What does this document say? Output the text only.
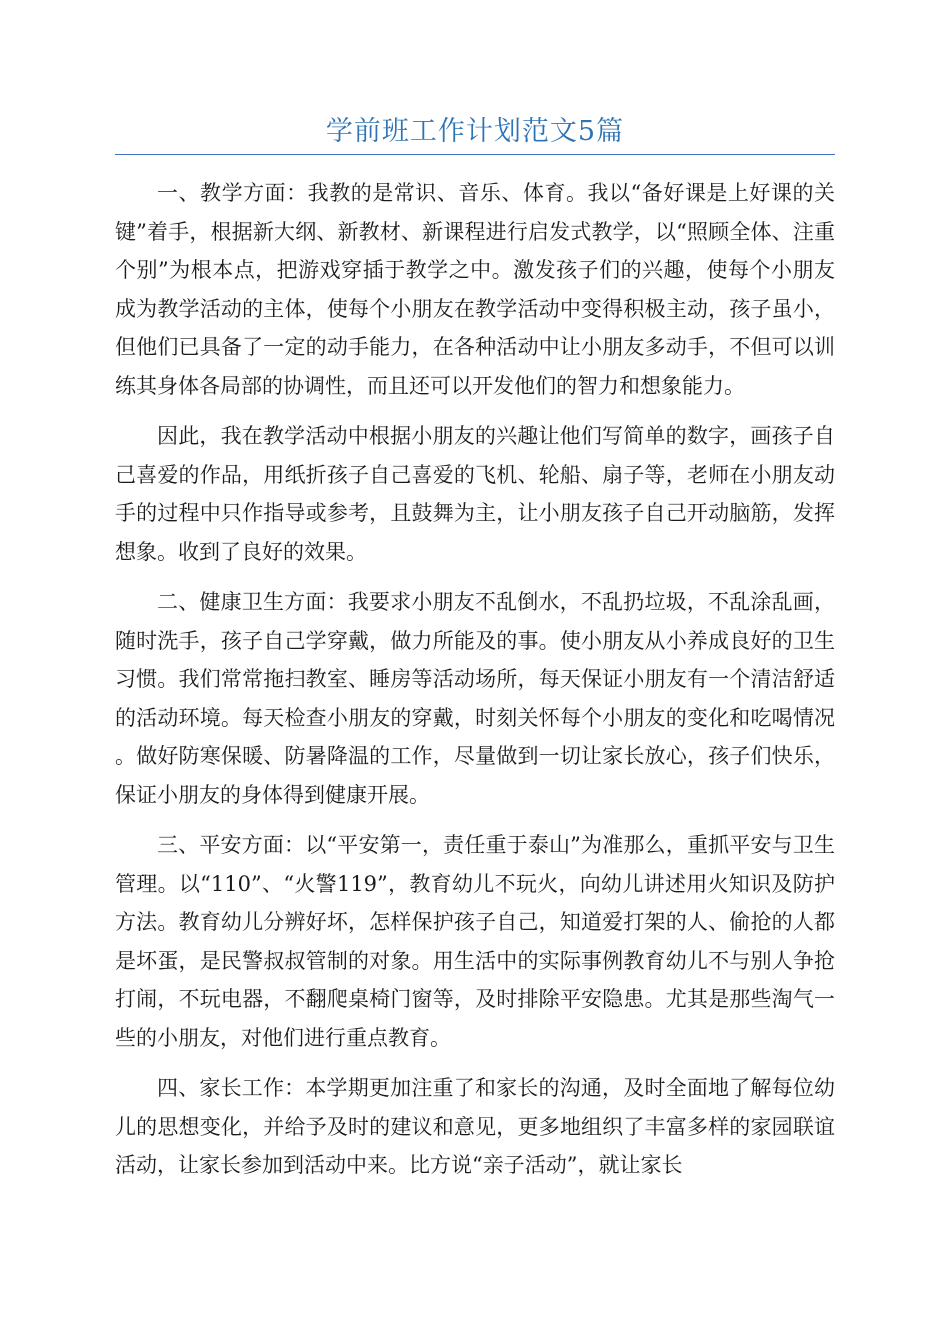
学前班工作计划范文5篇

一、教学方面：我教的是常识、音乐、体育。我以“备好课是上好课的关键”着手，根据新大纲、新教材、新课程进行启发式教学，以“照顾全体、注重个别”为根本点，把游戏穿插于教学之中。激发孩子们的兴趣，使每个小朋友成为教学活动的主体，使每个小朋友在教学活动中变得积极主动，孩子虽小，但他们已具备了一定的动手能力，在各种活动中让小朋友多动手，不但可以训练其身体各局部的协调性，而且还可以开发他们的智力和想象能力。

因此，我在教学活动中根据小朋友的兴趣让他们写简单的数字，画孩子自己喜爱的作品，用纸折孩子自己喜爱的飞机、轮船、扇子等，老师在小朋友动手的过程中只作指导或参考，且鼓舞为主，让小朋友孩子自己开动脑筋，发挥想象。收到了良好的效果。

二、健康卫生方面：我要求小朋友不乱倒水，不乱扔垃圾，不乱涂乱画，随时洗手，孩子自己学穿戴，做力所能及的事。使小朋友从小养成良好的卫生习惯。我们常常拖扫教室、睡房等活动场所，每天保证小朋友有一个清洁舒适的活动环境。每天检查小朋友的穿戴，时刻关怀每个小朋友的变化和吃喝情况。做好防寒保暖、防暑降温的工作，尽量做到一切让家长放心，孩子们快乐，保证小朋友的身体得到健康开展。

三、平安方面：以“平安第一，责任重于泰山”为准那么，重抓平安与卫生管理。以“110”、“火警119”，教育幼儿不玩火，向幼儿讲述用火知识及防护方法。教育幼儿分辨好坏，怎样保护孩子自己，知道爱打架的人、偷抢的人都是坏蛋，是民警叔叔管制的对象。用生活中的实际事例教育幼儿不与别人争抢打闹，不玩电器，不翻爬桌椅门窗等，及时排除平安隐患。尤其是那些淘气一些的小朋友，对他们进行重点教育。

四、家长工作：本学期更加注重了和家长的沟通，及时全面地了解每位幼儿的思想变化，并给予及时的建议和意见，更多地组织了丰富多样的家园联谊活动，让家长参加到活动中来。比方说“亲子活动”，就让家长
